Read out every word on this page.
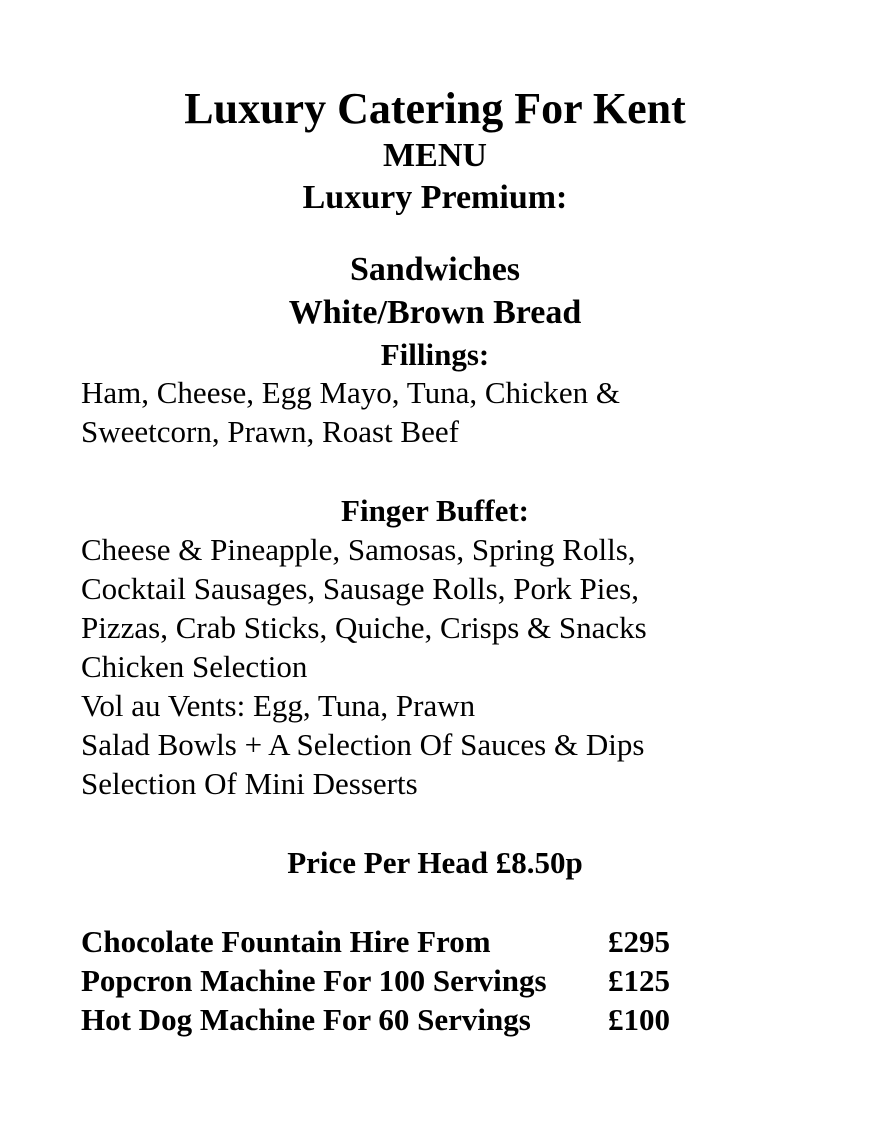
Luxury Catering For Kent
MENU
Luxury Premium:
Sandwiches
White/Brown Bread
Fillings:
Ham, Cheese, Egg Mayo, Tuna, Chicken &
Sweetcorn, Prawn, Roast Beef
Finger Buffet:
Cheese & Pineapple, Samosas, Spring Rolls,
Cocktail Sausages, Sausage Rolls, Pork Pies,
Pizzas, Crab Sticks, Quiche, Crisps & Snacks
Chicken Selection
Vol au Vents: Egg, Tuna, Prawn
Salad Bowls + A Selection Of Sauces & Dips
Selection Of Mini Desserts
Price Per Head £8.50p
Chocolate Fountain Hire From	£295
Popcron Machine For 100 Servings	£125
Hot Dog Machine For 60 Servings	£100
